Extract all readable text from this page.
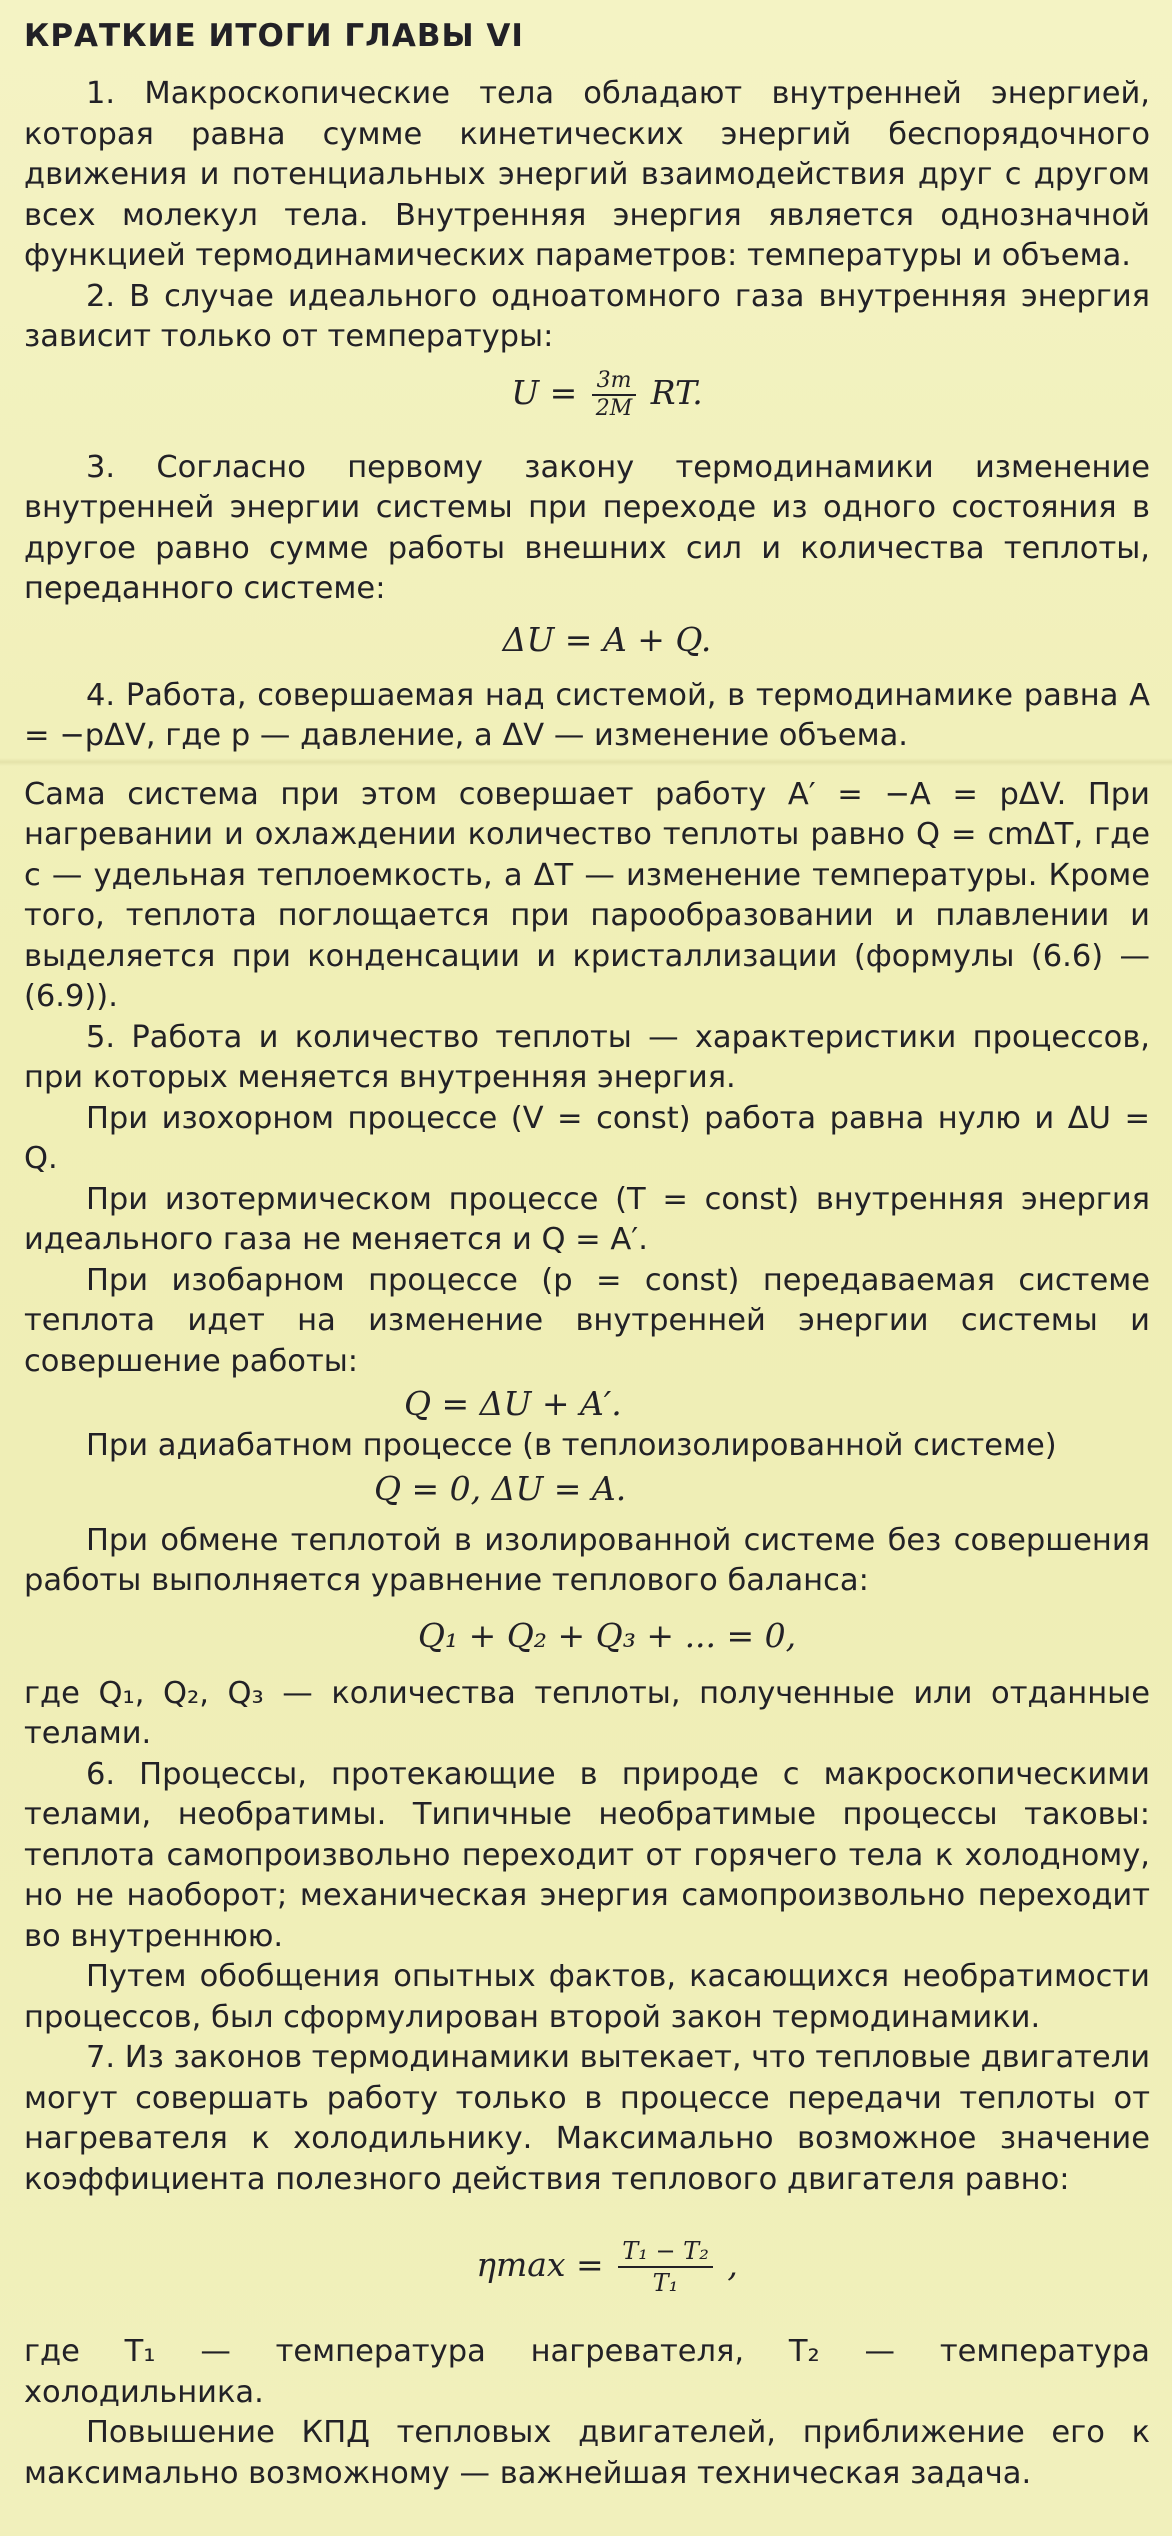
КРАТКИЕ ИТОГИ ГЛАВЫ VI

1. Макроскопические тела обладают внутренней энергией, которая равна сумме кинетических энергий беспорядочного движения и потенциальных энергий взаимодействия друг с другом всех молекул тела. Внутренняя энергия является однозначной функцией термодинамических параметров: температуры и объема.

2. В случае идеального одноатомного газа внутренняя энергия зависит только от температуры:

$U = \frac{3m}{2M}$ RT.

3. Согласно первому закону термодинамики изменение внутренней энергии системы при переходе из одного состояния в другое равно сумме работы внешних сил и количества теплоты, переданного системе:

ΔU = A + Q.

4. Работа, совершаемая над системой, в термодинамике равна A = −pΔV, где p — давление, а ΔV — изменение объема.

Сама система при этом совершает работу A′ = −A = pΔV. При нагревании и охлаждении количество теплоты равно Q = cmΔT, где c — удельная теплоемкость, а ΔT — изменение температуры. Кроме того, теплота поглощается при парообразовании и плавлении и выделяется при конденсации и кристаллизации (формулы (6.6) — (6.9)).

5. Работа и количество теплоты — характеристики процессов, при которых меняется внутренняя энергия.

При изохорном процессе (V = const) работа равна нулю и ΔU = Q.

При изотермическом процессе (T = const) внутренняя энергия идеального газа не меняется и Q = A′.

При изобарном процессе (p = const) передаваемая системе теплота идет на изменение внутренней энергии системы и совершение работы:

Q = ΔU + A′.

При адиабатном процессе (в теплоизолированной системе)

Q = 0, ΔU = A.

При обмене теплотой в изолированной системе без совершения работы выполняется уравнение теплового баланса:

Q₁ + Q₂ + Q₃ + ... = 0,

где Q₁, Q₂, Q₃ — количества теплоты, полученные или отданные телами.

6. Процессы, протекающие в природе с макроскопическими телами, необратимы. Типичные необратимые процессы таковы: теплота самопроизвольно переходит от горячего тела к холодному, но не наоборот; механическая энергия самопроизвольно переходит во внутреннюю.

Путем обобщения опытных фактов, касающихся необратимости процессов, был сформулирован второй закон термодинамики.

7. Из законов термодинамики вытекает, что тепловые двигатели могут совершать работу только в процессе передачи теплоты от нагревателя к холодильнику. Максимально возможное значение коэффициента полезного действия теплового двигателя равно:

$\eta\max = \frac{\text{T₁ − T₂}}{\text{T₁}}$ ,

где T₁ — температура нагревателя, T₂ — температура холодильника.

Повышение КПД тепловых двигателей, приближение его к максимально возможному — важнейшая техническая задача.
